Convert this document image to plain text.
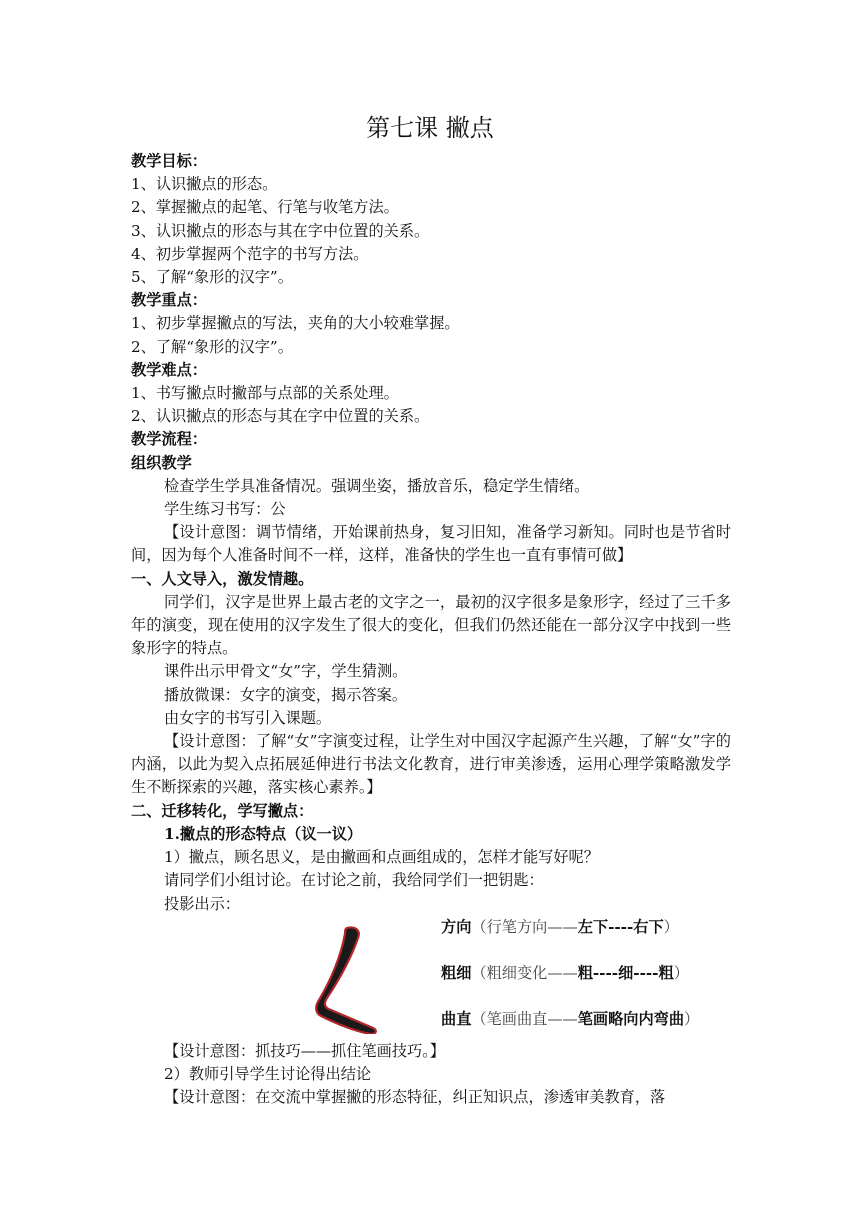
第七课 撇点
教学目标：
1、认识撇点的形态。
2、掌握撇点的起笔、行笔与收笔方法。
3、认识撇点的形态与其在字中位置的关系。
4、初步掌握两个范字的书写方法。
5、了解“象形的汉字”。
教学重点：
1、初步掌握撇点的写法，夹角的大小较难掌握。
2、了解“象形的汉字”。
教学难点：
1、书写撇点时撇部与点部的关系处理。
2、认识撇点的形态与其在字中位置的关系。
教学流程：
组织教学
检查学生学具准备情况。强调坐姿，播放音乐，稳定学生情绪。
学生练习书写：公
【设计意图：调节情绪，开始课前热身，复习旧知，准备学习新知。同时也是节省时间，因为每个人准备时间不一样，这样，准备快的学生也一直有事情可做】
一、人文导入，激发情趣。
同学们，汉字是世界上最古老的文字之一，最初的汉字很多是象形字，经过了三千多年的演变，现在使用的汉字发生了很大的变化，但我们仍然还能在一部分汉字中找到一些象形字的特点。
课件出示甲骨文“女”字，学生猜测。
播放微课：女字的演变，揭示答案。
由女字的书写引入课题。
【设计意图：了解“女”字演变过程，让学生对中国汉字起源产生兴趣，了解“女”字的内涵，以此为契入点拓展延伸进行书法文化教育，进行审美渗透，运用心理学策略激发学生不断探索的兴趣，落实核心素养。】
二、迁移转化，学写撇点：
1.撇点的形态特点（议一议）
1）撇点，顾名思义，是由撇画和点画组成的，怎样才能写好呢？
请同学们小组讨论。在讨论之前，我给同学们一把钥匙：
投影出示：
方向（行笔方向——左下----右下）
粗细（粗细变化——粗----细----粗）
曲直（笔画曲直——笔画略向内弯曲）
【设计意图：抓技巧——抓住笔画技巧。】
2）教师引导学生讨论得出结论
【设计意图：在交流中掌握撇的形态特征，纠正知识点，渗透审美教育，落
